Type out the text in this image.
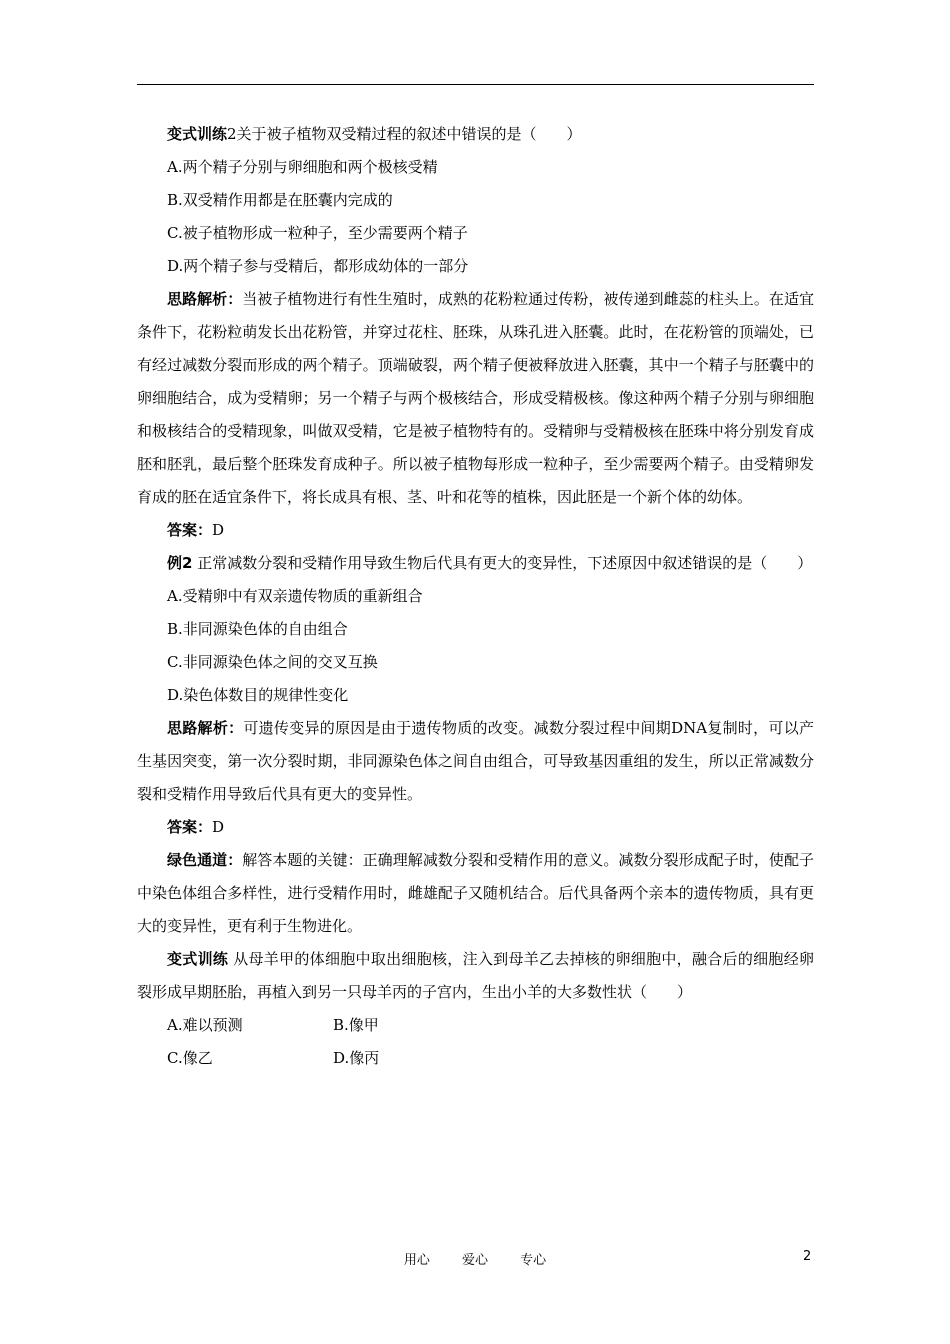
变式训练2关于被子植物双受精过程的叙述中错误的是（　　）

A.两个精子分别与卵细胞和两个极核受精

B.双受精作用都是在胚囊内完成的

C.被子植物形成一粒种子，至少需要两个精子

D.两个精子参与受精后，都形成幼体的一部分

思路解析：当被子植物进行有性生殖时，成熟的花粉粒通过传粉，被传递到雌蕊的柱头上。在适宜条件下，花粉粒萌发长出花粉管，并穿过花柱、胚珠，从珠孔进入胚囊。此时，在花粉管的顶端处，已有经过减数分裂而形成的两个精子。顶端破裂，两个精子便被释放进入胚囊，其中一个精子与胚囊中的卵细胞结合，成为受精卵；另一个精子与两个极核结合，形成受精极核。像这种两个精子分别与卵细胞和极核结合的受精现象，叫做双受精，它是被子植物特有的。受精卵与受精极核在胚珠中将分别发育成胚和胚乳，最后整个胚珠发育成种子。所以被子植物每形成一粒种子，至少需要两个精子。由受精卵发育成的胚在适宜条件下，将长成具有根、茎、叶和花等的植株，因此胚是一个新个体的幼体。

答案：D

例2 正常减数分裂和受精作用导致生物后代具有更大的变异性，下述原因中叙述错误的是（　　）

A.受精卵中有双亲遗传物质的重新组合

B.非同源染色体的自由组合

C.非同源染色体之间的交叉互换

D.染色体数目的规律性变化

思路解析：可遗传变异的原因是由于遗传物质的改变。减数分裂过程中间期DNA复制时，可以产生基因突变，第一次分裂时期，非同源染色体之间自由组合，可导致基因重组的发生，所以正常减数分裂和受精作用导致后代具有更大的变异性。

答案：D

绿色通道：解答本题的关键：正确理解减数分裂和受精作用的意义。减数分裂形成配子时，使配子中染色体组合多样性，进行受精作用时，雌雄配子又随机结合。后代具备两个亲本的遗传物质，具有更大的变异性，更有利于生物进化。

变式训练 从母羊甲的体细胞中取出细胞核，注入到母羊乙去掉核的卵细胞中，融合后的细胞经卵裂形成早期胚胎，再植入到另一只母羊丙的子宫内，生出小羊的大多数性状（　　）

A.难以预测	B.像甲

C.像乙	D.像丙

用心 爱心 专心	2
